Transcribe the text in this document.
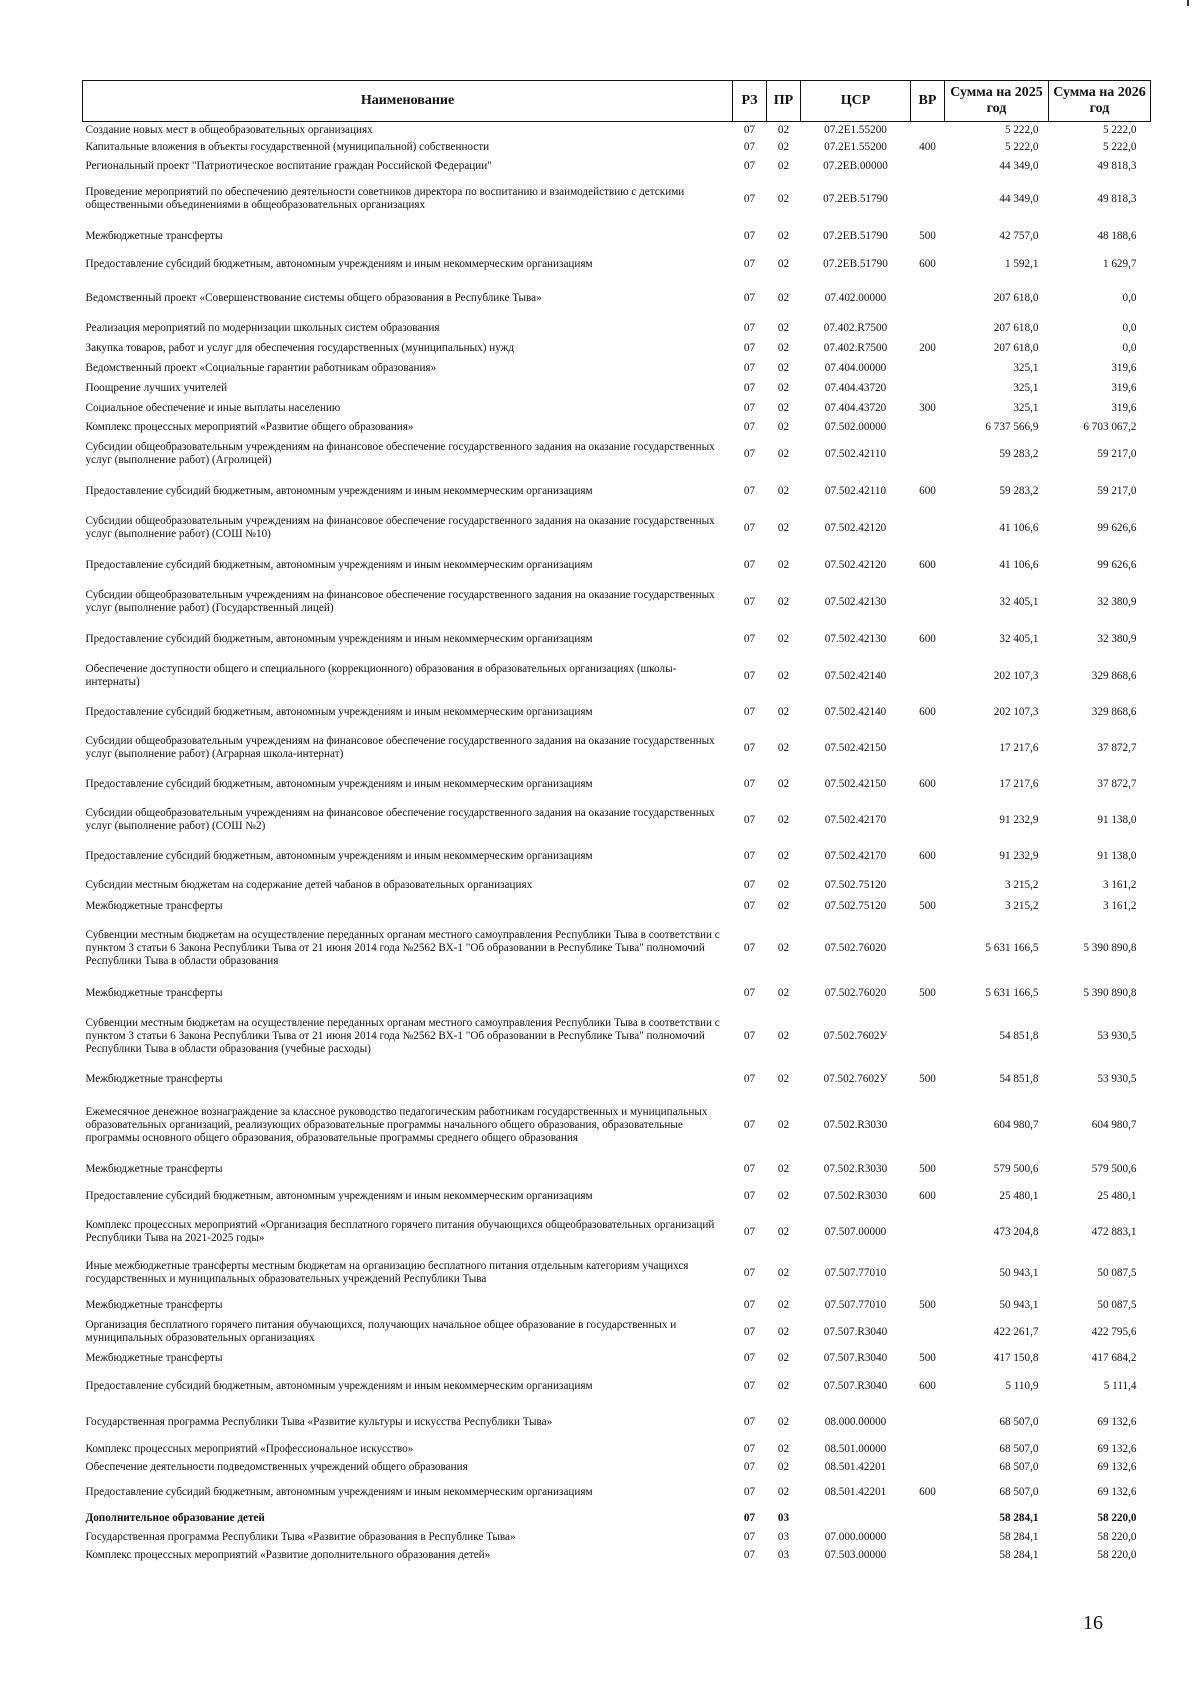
Наименование	РЗ	ПР	ЦСР	ВР	Сумма на 2025 год	Сумма на 2026 год
Создание новых мест в общеобразовательных организациях	07	02	07.2E1.55200		5 222,0	5 222,0
Капитальные вложения в объекты государственной (муниципальной) собственности	07	02	07.2E1.55200	400	5 222,0	5 222,0
Региональный проект "Патриотическое воспитание граждан Российской Федерации"	07	02	07.2ЕВ.00000		44 349,0	49 818,3
Проведение мероприятий по обеспечению деятельности советников директора по воспитанию и взаимодействию с детскими общественными объединениями в общеобразовательных организациях	07	02	07.2ЕВ.51790		44 349,0	49 818,3
Межбюджетные трансферты	07	02	07.2ЕВ.51790	500	42 757,0	48 188,6
Предоставление субсидий бюджетным, автономным учреждениям и иным некоммерческим организациям	07	02	07.2ЕВ.51790	600	1 592,1	1 629,7
Ведомственный проект «Совершенствование системы общего образования в Республике Тыва»	07	02	07.402.00000		207 618,0	0,0
Реализация мероприятий по модернизации школьных систем образования	07	02	07.402.R7500		207 618,0	0,0
Закупка товаров, работ и услуг для обеспечения государственных (муниципальных) нужд	07	02	07.402.R7500	200	207 618,0	0,0
Ведомственный проект «Социальные гарантии работникам образования»	07	02	07.404.00000		325,1	319,6
Поощрение лучших учителей	07	02	07.404.43720		325,1	319,6
Социальное обеспечение и иные выплаты населению	07	02	07.404.43720	300	325,1	319,6
Комплекс процессных мероприятий «Развитие общего образования»	07	02	07.502.00000		6 737 566,9	6 703 067,2
Субсидии общеобразовательным учреждениям на финансовое обеспечение государственного задания на оказание государственных услуг (выполнение работ) (Агролицей)	07	02	07.502.42110		59 283,2	59 217,0
Предоставление субсидий бюджетным, автономным учреждениям и иным некоммерческим организациям	07	02	07.502.42110	600	59 283,2	59 217,0
Субсидии общеобразовательным учреждениям на финансовое обеспечение государственного задания на оказание государственных услуг (выполнение работ) (СОШ №10)	07	02	07.502.42120		41 106,6	99 626,6
Предоставление субсидий бюджетным, автономным учреждениям и иным некоммерческим организациям	07	02	07.502.42120	600	41 106,6	99 626,6
Субсидии общеобразовательным учреждениям на финансовое обеспечение государственного задания на оказание государственных услуг (выполнение работ) (Государственный лицей)	07	02	07.502.42130		32 405,1	32 380,9
Предоставление субсидий бюджетным, автономным учреждениям и иным некоммерческим организациям	07	02	07.502.42130	600	32 405,1	32 380,9
Обеспечение доступности общего и специального (коррекционного) образования в образовательных организациях (школы-интернаты)	07	02	07.502.42140		202 107,3	329 868,6
Предоставление субсидий бюджетным, автономным учреждениям и иным некоммерческим организациям	07	02	07.502.42140	600	202 107,3	329 868,6
Субсидии общеобразовательным учреждениям на финансовое обеспечение государственного задания на оказание государственных услуг (выполнение работ) (Аграрная школа-интернат)	07	02	07.502.42150		17 217,6	37 872,7
Предоставление субсидий бюджетным, автономным учреждениям и иным некоммерческим организациям	07	02	07.502.42150	600	17 217,6	37 872,7
Субсидии общеобразовательным учреждениям на финансовое обеспечение государственного задания на оказание государственных услуг (выполнение работ) (СОШ №2)	07	02	07.502.42170		91 232,9	91 138,0
Предоставление субсидий бюджетным, автономным учреждениям и иным некоммерческим организациям	07	02	07.502.42170	600	91 232,9	91 138,0
Субсидии местным бюджетам на содержание детей чабанов в образовательных организациях	07	02	07.502.75120		3 215,2	3 161,2
Межбюджетные трансферты	07	02	07.502.75120	500	3 215,2	3 161,2
Субвенции местным бюджетам на осуществление переданных органам местного самоуправления Республики Тыва в соответствии с пунктом 3 статьи 6 Закона Республики Тыва от 21 июня 2014 года №2562 ВХ-1 "Об образовании в Республике Тыва" полномочий Республики Тыва в области образования	07	02	07.502.76020		5 631 166,5	5 390 890,8
Межбюджетные трансферты	07	02	07.502.76020	500	5 631 166,5	5 390 890,8
Субвенции местным бюджетам на осуществление переданных органам местного самоуправления Республики Тыва в соответствии с пунктом 3 статьи 6 Закона Республики Тыва от 21 июня 2014 года №2562 ВХ-1 "Об образовании в Республике Тыва" полномочий Республики Тыва в области образования (учебные расходы)	07	02	07.502.7602У		54 851,8	53 930,5
Межбюджетные трансферты	07	02	07.502.7602У	500	54 851,8	53 930,5
Ежемесячное денежное вознаграждение за классное руководство педагогическим работникам государственных и муниципальных образовательных организаций, реализующих образовательные программы начального общего образования, образовательные программы основного общего образования, образовательные программы среднего общего образования	07	02	07.502.R3030		604 980,7	604 980,7
Межбюджетные трансферты	07	02	07.502.R3030	500	579 500,6	579 500,6
Предоставление субсидий бюджетным, автономным учреждениям и иным некоммерческим организациям	07	02	07.502.R3030	600	25 480,1	25 480,1
Комплекс процессных мероприятий «Организация бесплатного горячего питания обучающихся общеобразовательных организаций Республики Тыва на 2021-2025 годы»	07	02	07.507.00000		473 204,8	472 883,1
Иные межбюджетные трансферты местным бюджетам на организацию бесплатного питания отдельным категориям учащихся государственных и муниципальных образовательных учреждений Республики Тыва	07	02	07.507.77010		50 943,1	50 087,5
Межбюджетные трансферты	07	02	07.507.77010	500	50 943,1	50 087,5
Организация бесплатного горячего питания обучающихся, получающих начальное общее образование в государственных и муниципальных образовательных организациях	07	02	07.507.R3040		422 261,7	422 795,6
Межбюджетные трансферты	07	02	07.507.R3040	500	417 150,8	417 684,2
Предоставление субсидий бюджетным, автономным учреждениям и иным некоммерческим организациям	07	02	07.507.R3040	600	5 110,9	5 111,4
Государственная программа Республики Тыва «Развитие культуры и искусства Республики Тыва»	07	02	08.000.00000		68 507,0	69 132,6
Комплекс процессных мероприятий «Профессиональное искусство»	07	02	08.501.00000		68 507,0	69 132,6
Обеспечение деятельности подведомственных учреждений общего образования	07	02	08.501.42201		68 507,0	69 132,6
Предоставление субсидий бюджетным, автономным учреждениям и иным некоммерческим организациям	07	02	08.501.42201	600	68 507,0	69 132,6
Дополнительное образование детей	07	03			58 284,1	58 220,0
Государственная программа Республики Тыва «Развитие образования в Республике Тыва»	07	03	07.000.00000		58 284,1	58 220,0
Комплекс процессных мероприятий «Развитие дополнительного образования детей»	07	03	07.503.00000		58 284,1	58 220,0
16
